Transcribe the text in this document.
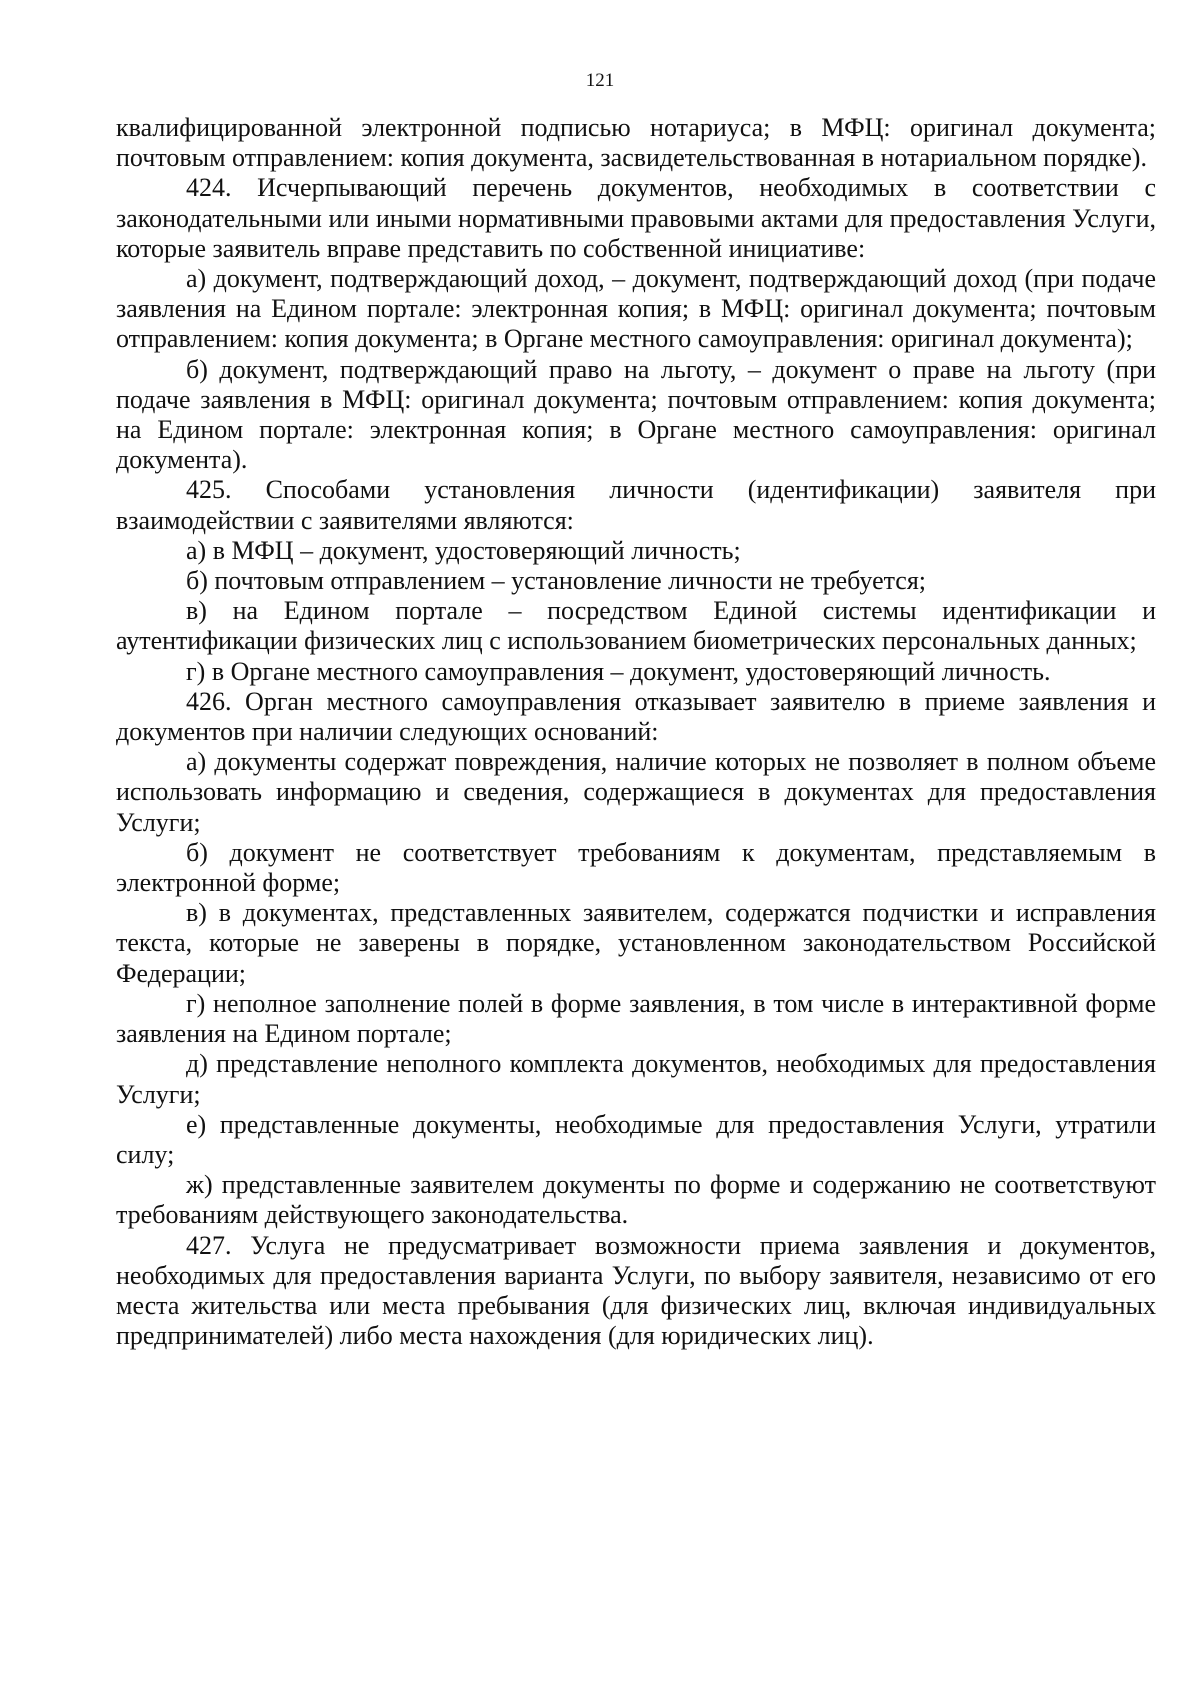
121

квалифицированной электронной подписью нотариуса; в МФЦ: оригинал документа; почтовым отправлением: копия документа, засвидетельствованная в нотариальном порядке).

424. Исчерпывающий перечень документов, необходимых в соответствии с законодательными или иными нормативными правовыми актами для предоставления Услуги, которые заявитель вправе представить по собственной инициативе:

а) документ, подтверждающий доход, – документ, подтверждающий доход (при подаче заявления на Едином портале: электронная копия; в МФЦ: оригинал документа; почтовым отправлением: копия документа; в Органе местного самоуправления: оригинал документа);

б) документ, подтверждающий право на льготу, – документ о праве на льготу (при подаче заявления в МФЦ: оригинал документа; почтовым отправлением: копия документа; на Едином портале: электронная копия; в Органе местного самоуправления: оригинал документа).

425. Способами установления личности (идентификации) заявителя при взаимодействии с заявителями являются:

а) в МФЦ – документ, удостоверяющий личность;

б) почтовым отправлением – установление личности не требуется;

в) на Едином портале – посредством Единой системы идентификации и аутентификации физических лиц с использованием биометрических персональных данных;

г) в Органе местного самоуправления – документ, удостоверяющий личность.

426. Орган местного самоуправления отказывает заявителю в приеме заявления и документов при наличии следующих оснований:

а) документы содержат повреждения, наличие которых не позволяет в полном объеме использовать информацию и сведения, содержащиеся в документах для предоставления Услуги;

б) документ не соответствует требованиям к документам, представляемым в электронной форме;

в) в документах, представленных заявителем, содержатся подчистки и исправления текста, которые не заверены в порядке, установленном законодательством Российской Федерации;

г) неполное заполнение полей в форме заявления, в том числе в интерактивной форме заявления на Едином портале;

д) представление неполного комплекта документов, необходимых для предоставления Услуги;

е) представленные документы, необходимые для предоставления Услуги, утратили силу;

ж) представленные заявителем документы по форме и содержанию не соответствуют требованиям действующего законодательства.

427. Услуга не предусматривает возможности приема заявления и документов, необходимых для предоставления варианта Услуги, по выбору заявителя, независимо от его места жительства или места пребывания (для физических лиц, включая индивидуальных предпринимателей) либо места нахождения (для юридических лиц).
